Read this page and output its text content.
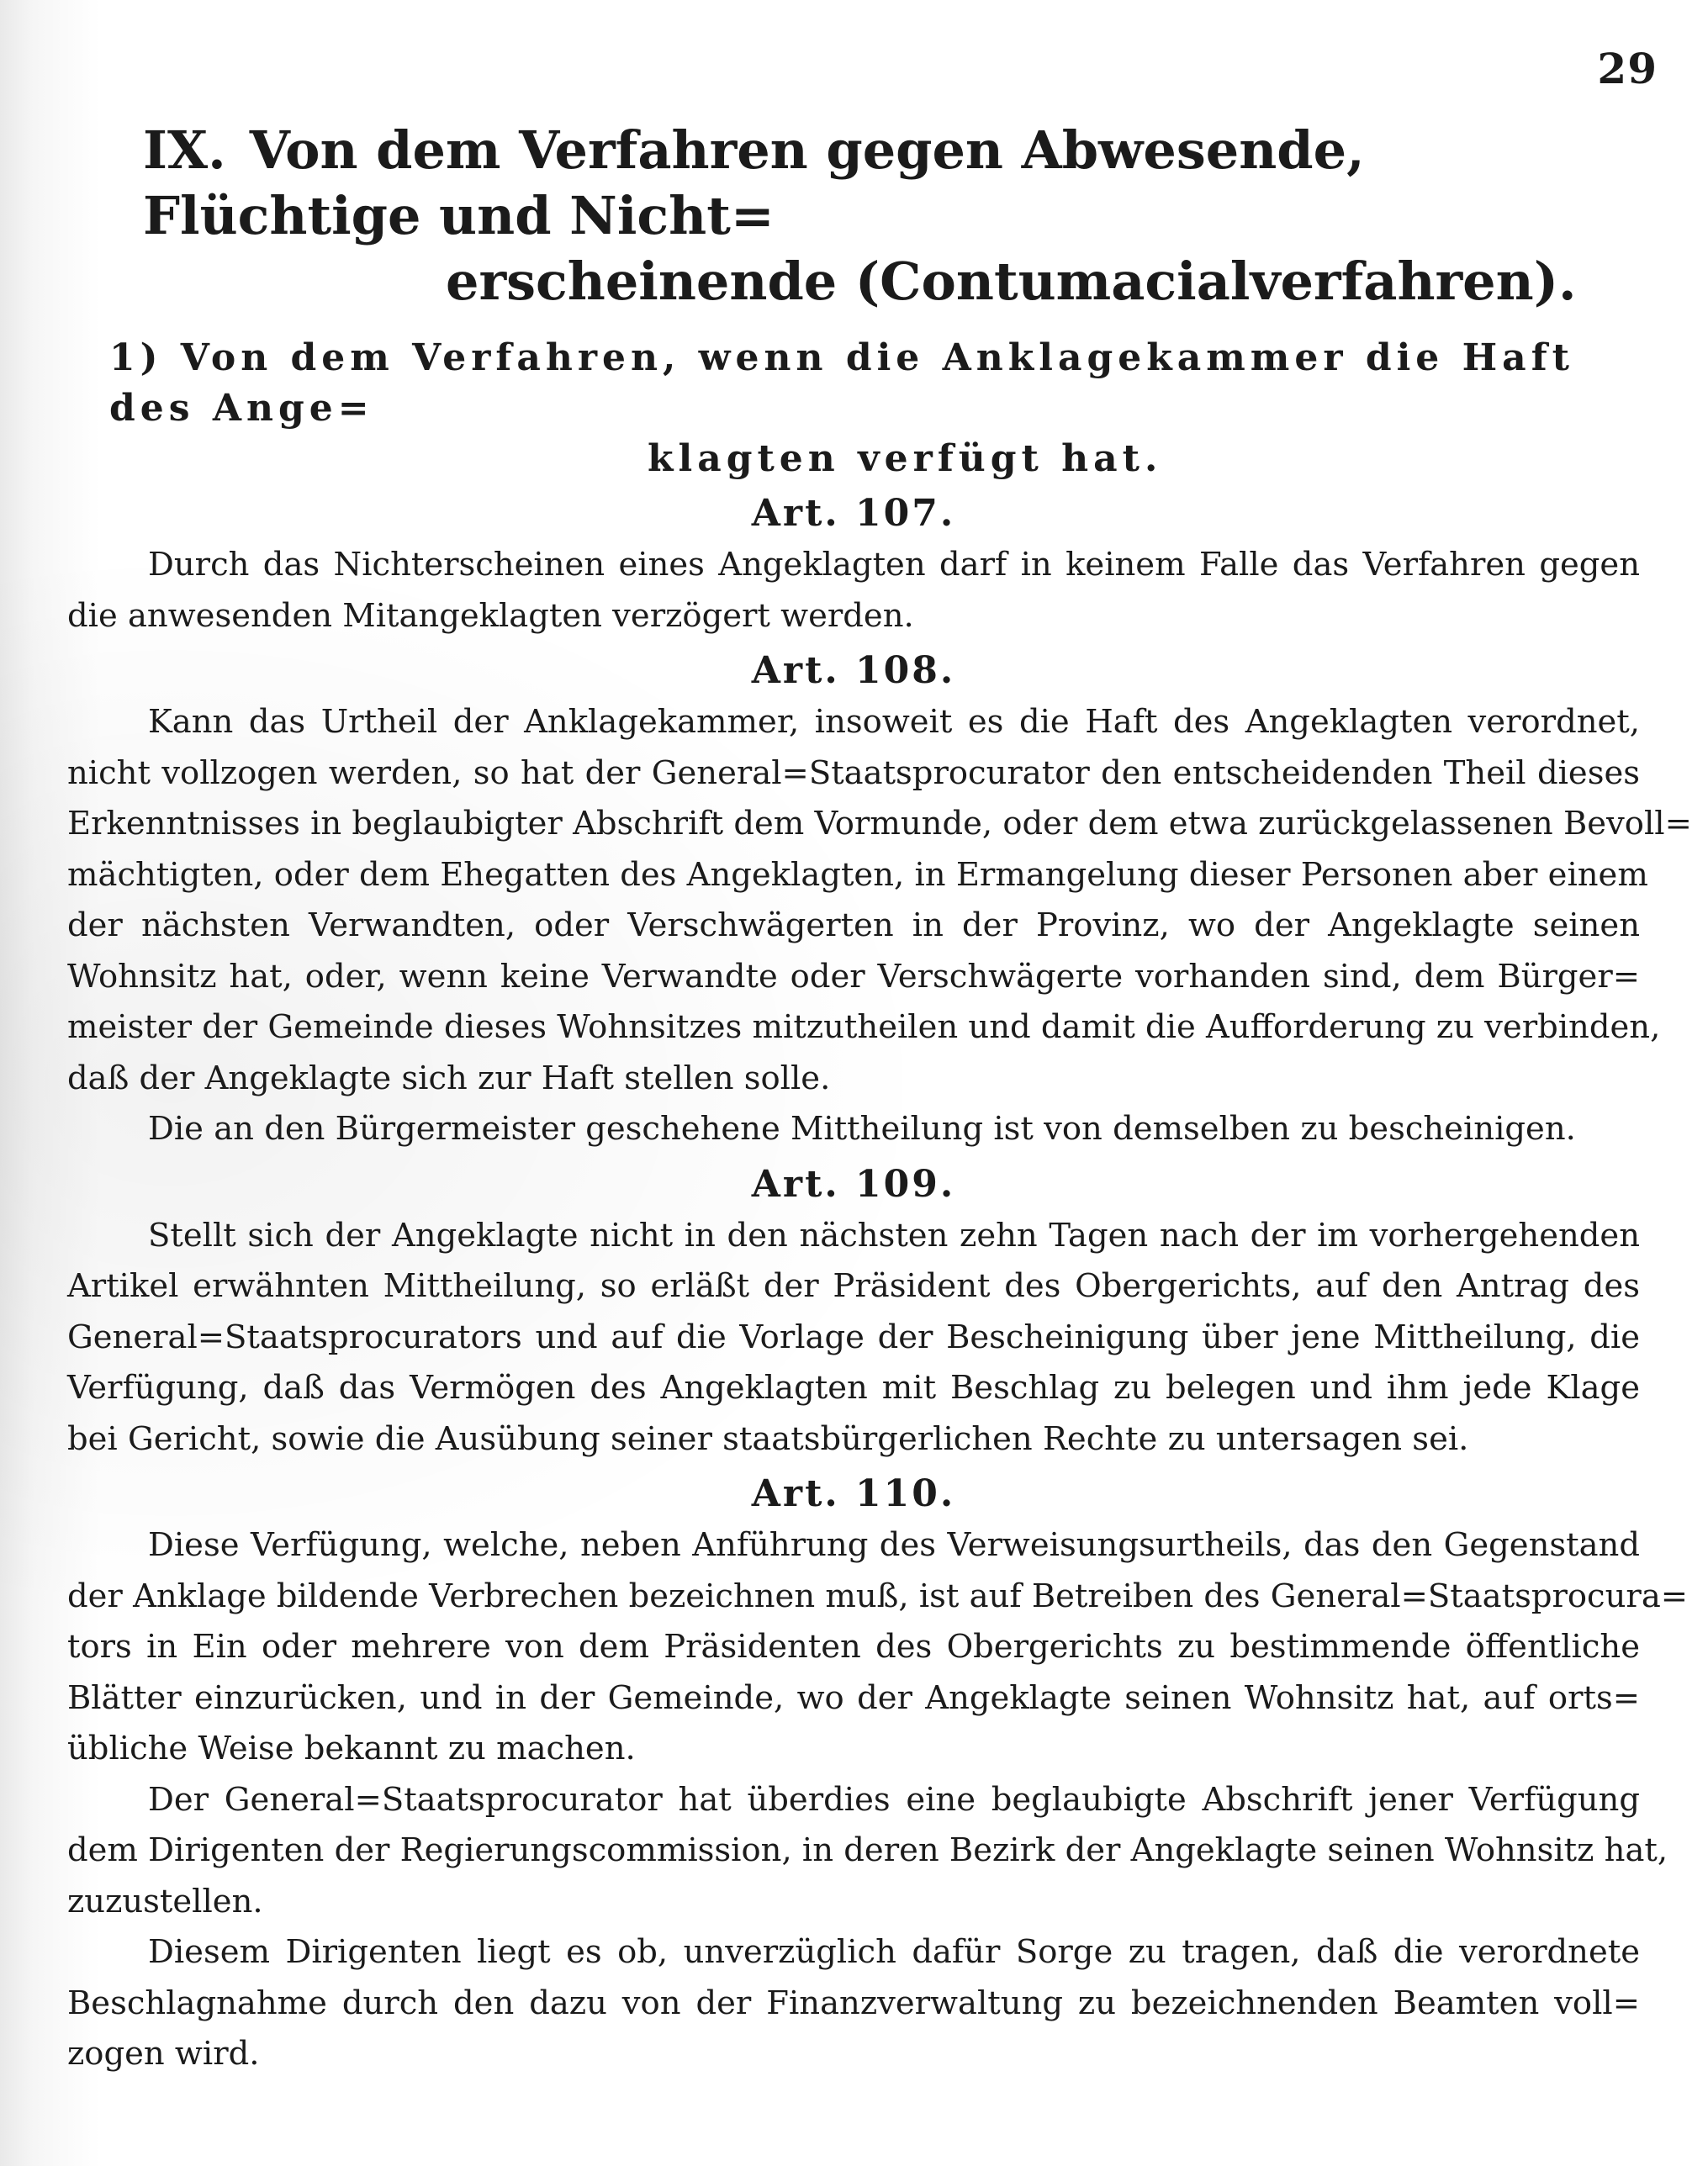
29
IX. Von dem Verfahren gegen Abwesende, Flüchtige und Nicht=
erscheinende (Contumacialverfahren).
1) Von dem Verfahren, wenn die Anklagekammer die Haft des Ange=
klagten verfügt hat.
Art. 107.

Durch das Nichterscheinen eines Angeklagten darf in keinem Falle das Verfahren gegen
die anwesenden Mitangeklagten verzögert werden.

Art. 108.

Kann das Urtheil der Anklagekammer, insoweit es die Haft des Angeklagten verordnet,
nicht vollzogen werden, so hat der General=Staatsprocurator den entscheidenden Theil dieses
Erkenntnisses in beglaubigter Abschrift dem Vormunde, oder dem etwa zurückgelassenen Bevoll=
mächtigten, oder dem Ehegatten des Angeklagten, in Ermangelung dieser Personen aber einem
der nächsten Verwandten, oder Verschwägerten in der Provinz, wo der Angeklagte seinen
Wohnsitz hat, oder, wenn keine Verwandte oder Verschwägerte vorhanden sind, dem Bürger=
meister der Gemeinde dieses Wohnsitzes mitzutheilen und damit die Aufforderung zu verbinden,
daß der Angeklagte sich zur Haft stellen solle.

Die an den Bürgermeister geschehene Mittheilung ist von demselben zu bescheinigen.

Art. 109.

Stellt sich der Angeklagte nicht in den nächsten zehn Tagen nach der im vorhergehenden
Artikel erwähnten Mittheilung, so erläßt der Präsident des Obergerichts, auf den Antrag des
General=Staatsprocurators und auf die Vorlage der Bescheinigung über jene Mittheilung, die
Verfügung, daß das Vermögen des Angeklagten mit Beschlag zu belegen und ihm jede Klage
bei Gericht, sowie die Ausübung seiner staatsbürgerlichen Rechte zu untersagen sei.

Art. 110.

Diese Verfügung, welche, neben Anführung des Verweisungsurtheils, das den Gegenstand
der Anklage bildende Verbrechen bezeichnen muß, ist auf Betreiben des General=Staatsprocura=
tors in Ein oder mehrere von dem Präsidenten des Obergerichts zu bestimmende öffentliche
Blätter einzurücken, und in der Gemeinde, wo der Angeklagte seinen Wohnsitz hat, auf orts=
übliche Weise bekannt zu machen.

Der General=Staatsprocurator hat überdies eine beglaubigte Abschrift jener Verfügung
dem Dirigenten der Regierungscommission, in deren Bezirk der Angeklagte seinen Wohnsitz hat,
zuzustellen.

Diesem Dirigenten liegt es ob, unverzüglich dafür Sorge zu tragen, daß die verordnete
Beschlagnahme durch den dazu von der Finanzverwaltung zu bezeichnenden Beamten voll=
zogen wird.
